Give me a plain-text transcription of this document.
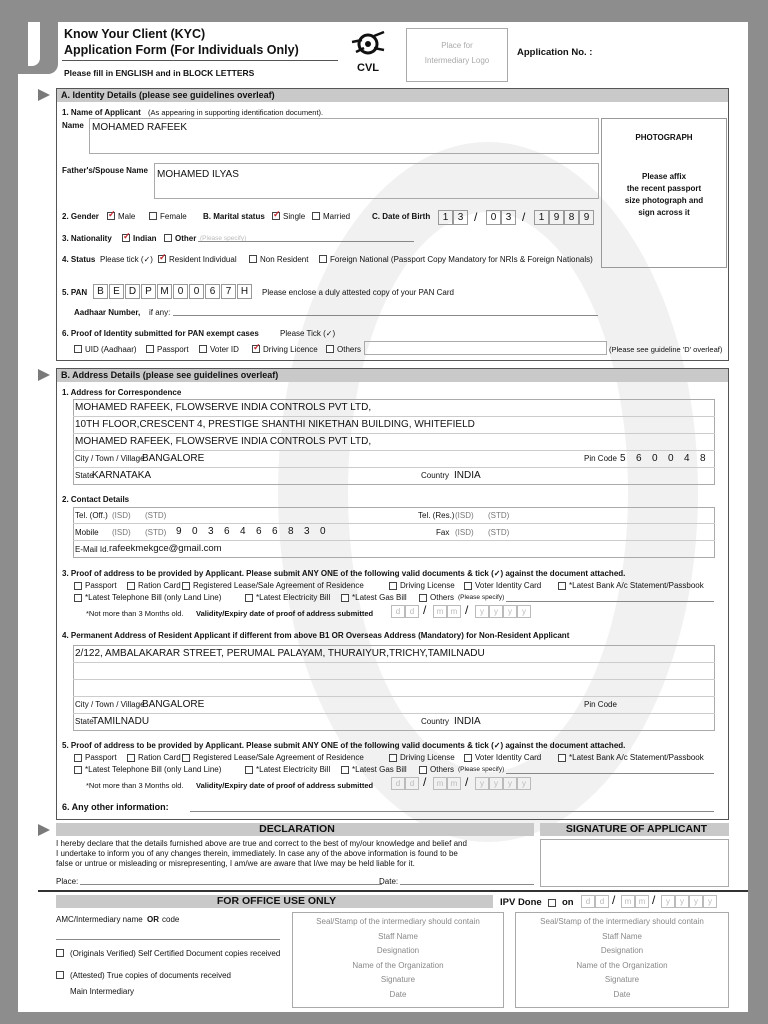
Know Your Client (KYC)
Application Form (For Individuals Only)
Please fill in ENGLISH and in BLOCK LETTERS	CVL
Place for
Intermediary Logo
Application No. :
A. Identity Details (please see guidelines overleaf)
1. Name of Applicant (As appearing in supporting identification document).
Name MOHAMED RAFEEK
Father's/Spouse Name MOHAMED ILYAS
PHOTOGRAPH
Please affix
the recent passport
size photograph and
sign across it
2. Gender ✓ Male	Female B. Marital status ✓ Single Married	C. Date of Birth	1 3 /	0 3 /	1 9 8 9
3. Nationality ✓	Indian Other (Please specify)
4. Status Please tick (✓) ✓ Resident Individual	Non Resident	Foreign National (Passport Copy Mandatory for NRIs & Foreign Nationals)
5. PAN B E D P M 0	0	6	7 H	Please enclose a duly attested copy of your PAN Card
Aadhaar Number, if any:
6. Proof of Identity submitted for PAN exempt cases	Please Tick (✓)
UID (Aadhaar)	Passport	Voter ID ✓	Driving Licence Others	(Please see guideline 'D' overleaf)
B. Address Details (please see guidelines overleaf)
1. Address for Correspondence
MOHAMED RAFEEK, FLOWSERVE INDIA CONTROLS PVT LTD,
10TH FLOOR,CRESCENT 4, PRESTIGE SHANTHI NIKETHAN BUILDING, WHITEFIELD
MOHAMED RAFEEK, FLOWSERVE INDIA CONTROLS PVT LTD,
City / Town / Village
BANGALORE	Pin Code 5 6 0 0 4 8
State
KARNATAKA	Country INDIA
2. Contact Details
Tel. (Off.) (ISD) (STD)	Tel. (Res.) (ISD) (STD)
Mobile (ISD) (STD) 9 0 3 6 4 6 6 8 3 0	Fax (ISD) (STD)
E-Mail Id. rafeekmekgce@gmail.com
3. Proof of address to be provided by Applicant. Please submit ANY ONE of the following valid documents & tick (✓) against the document attached.
Passport	Ration Card Registered Lease/Sale Agreement of Residence	Driving License	Voter Identity Card	*Latest Bank A/c Statement/Passbook
*Latest Telephone Bill (only Land Line)	*Latest Electricity Bill	*Latest Gas Bill	Others (Please specify)
*Not more than 3 Months old. Validity/Expiry date of proof of address submitted	d	d /	m m /	y	y	y	y
4. Permanent Address of Resident Applicant if different from above B1 OR Overseas Address (Mandatory) for Non-Resident Applicant
2/122, AMBALAKARAR STREET, PERUMAL PALAYAM, THURAIYUR,TRICHY,TAMILNADU
City / Town / Village
BANGALORE	Pin Code
State
TAMILNADU	Country INDIA
5. Proof of address to be provided by Applicant. Please submit ANY ONE of the following valid documents & tick (✓) against the document attached.
Passport	Ration Card Registered Lease/Sale Agreement of Residence	Driving License	Voter Identity Card	*Latest Bank A/c Statement/Passbook
*Latest Telephone Bill (only Land Line)	*Latest Electricity Bill	*Latest Gas Bill	Others (Please specify)
*Not more than 3 Months old. Validity/Expiry date of proof of address submitted	d	d /	m m /	y	y	y	y
6. Any other information:
DECLARATION	SIGNATURE OF APPLICANT
I hereby declare that the details furnished above are true and correct to the best of my/our knowledge and belief and
I undertake to inform you of any changes therein, immediately. In case any of the above information is found to be
false or untrue or misleading or misrepresenting, I am/we are aware that I/we may be held liable for it.
Place:	Date:
FOR OFFICE USE ONLY	IPV Done on	d	d /	m m /	y	y	y	y
AMC/Intermediary name OR code
(Originals Verified) Self Certified Document copies received
(Attested) True copies of documents received
Main Intermediary
Seal/Stamp of the intermediary should contain
Staff Name
Designation
Name of the Organization
Signature
Date
Seal/Stamp of the intermediary should contain
Staff Name
Designation
Name of the Organization
Signature
Date
